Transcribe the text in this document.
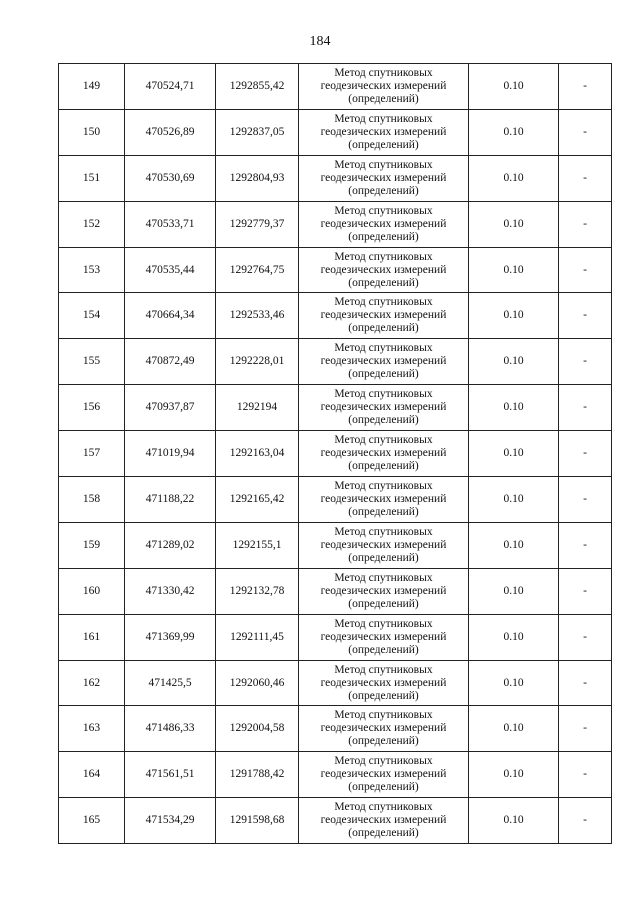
184
149	470524,71	1292855,42	Метод спутниковых геодезических измерений (определений)	0.10	-
150	470526,89	1292837,05	Метод спутниковых геодезических измерений (определений)	0.10	-
151	470530,69	1292804,93	Метод спутниковых геодезических измерений (определений)	0.10	-
152	470533,71	1292779,37	Метод спутниковых геодезических измерений (определений)	0.10	-
153	470535,44	1292764,75	Метод спутниковых геодезических измерений (определений)	0.10	-
154	470664,34	1292533,46	Метод спутниковых геодезических измерений (определений)	0.10	-
155	470872,49	1292228,01	Метод спутниковых геодезических измерений (определений)	0.10	-
156	470937,87	1292194	Метод спутниковых геодезических измерений (определений)	0.10	-
157	471019,94	1292163,04	Метод спутниковых геодезических измерений (определений)	0.10	-
158	471188,22	1292165,42	Метод спутниковых геодезических измерений (определений)	0.10	-
159	471289,02	1292155,1	Метод спутниковых геодезических измерений (определений)	0.10	-
160	471330,42	1292132,78	Метод спутниковых геодезических измерений (определений)	0.10	-
161	471369,99	1292111,45	Метод спутниковых геодезических измерений (определений)	0.10	-
162	471425,5	1292060,46	Метод спутниковых геодезических измерений (определений)	0.10	-
163	471486,33	1292004,58	Метод спутниковых геодезических измерений (определений)	0.10	-
164	471561,51	1291788,42	Метод спутниковых геодезических измерений (определений)	0.10	-
165	471534,29	1291598,68	Метод спутниковых геодезических измерений (определений)	0.10	-
